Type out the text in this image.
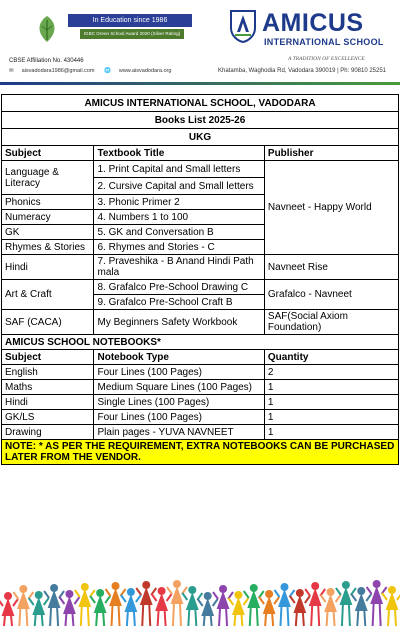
In Education since 1986
IGBC Green School Award 2020 (Silver Rating)
CBSE Affiliation No. 430446
✉ aisvadodara1986@gmail.com 🌐 www.aisvadodara.org
AMICUS
INTERNATIONAL SCHOOL
A TRADITION OF EXCELLENCE
Khatamba, Waghodia Rd, Vadodara 390019 | Ph: 90810 25251
AMICUS INTERNATIONAL SCHOOL, VADODARA		
Books List 2025-26		
UKG		
Subject	Textbook Title	Publisher
Language & Literacy	1. Print Capital and Small letters	Navneet - Happy World
	2. Cursive Capital and Small letters	
Phonics	3. Phonic Primer 2	
Numeracy	4. Numbers 1 to 100	
GK	5. GK and Conversation B	
Rhymes & Stories	6. Rhymes and Stories - C	
Hindi	7. Praveshika - B Anand Hindi Path mala	Navneet Rise
Art & Craft	8. Grafalco Pre-School Drawing C	Grafalco - Navneet
	9. Grafalco Pre-School Craft B	
SAF (CACA)	My Beginners Safety Workbook	SAF(Social Axiom Foundation)
AMICUS SCHOOL NOTEBOOKS*		
Subject	Notebook Type	Quantity
English	Four Lines (100 Pages)	2
Maths	Medium Square Lines (100 Pages)	1
Hindi	Single Lines (100 Pages)	1
GK/LS	Four Lines (100 Pages)	1
Drawing	Plain pages - YUVA NAVNEET	1
NOTE: * AS PER THE REQUIREMENT, EXTRA NOTEBOOKS CAN BE PURCHASED LATER FROM THE VENDOR.		
